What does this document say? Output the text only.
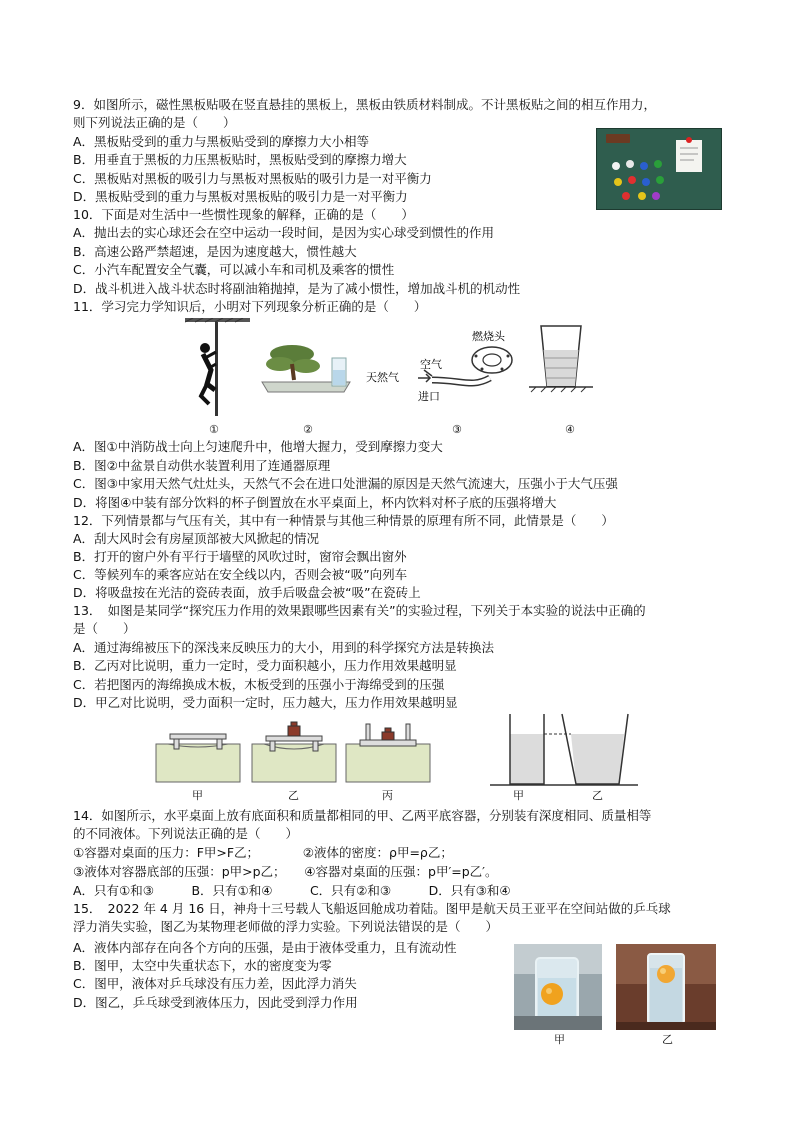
9．如图所示，磁性黑板贴吸在竖直悬挂的黑板上，黑板由铁质材料制成。不计黑板贴之间的相互作用力，
则下列说法正确的是（　　）
A．黑板贴受到的重力与黑板贴受到的摩擦力大小相等
B．用垂直于黑板的力压黑板贴时，黑板贴受到的摩擦力增大
C．黑板贴对黑板的吸引力与黑板对黑板贴的吸引力是一对平衡力
D．黑板贴受到的重力与黑板对黑板贴的吸引力是一对平衡力
10．下面是对生活中一些惯性现象的解释，正确的是（　　）
A．抛出去的实心球还会在空中运动一段时间，是因为实心球受到惯性的作用
B．高速公路严禁超速，是因为速度越大，惯性越大
C．小汽车配置安全气囊，可以减小车和司机及乘客的惯性
D．战斗机进入战斗状态时将副油箱抛掉，是为了减小惯性，增加战斗机的机动性
11．学习完力学知识后，小明对下列现象分析正确的是（　　）
燃烧头
空气
天然气
进口
①	②	③	④
A．图①中消防战士向上匀速爬升中，他增大握力，受到摩擦力变大
B．图②中盆景自动供水装置利用了连通器原理
C．图③中家用天然气灶灶头，天然气不会在进口处泄漏的原因是天然气流速大，压强小于大气压强
D．将图④中装有部分饮料的杯子倒置放在水平桌面上，杯内饮料对杯子底的压强将增大
12．下列情景都与气压有关，其中有一种情景与其他三种情景的原理有所不同，此情景是（　　）
A．刮大风时会有房屋顶部被大风掀起的情况
B．打开的窗户外有平行于墙壁的风吹过时，窗帘会飘出窗外
C．等候列车的乘客应站在安全线以内，否则会被“吸”向列车
D．将吸盘按在光洁的瓷砖表面，放手后吸盘会被“吸”在瓷砖上
13．　如图是某同学“探究压力作用的效果跟哪些因素有关”的实验过程，下列关于本实验的说法中正确的
是（　　）
A．通过海绵被压下的深浅来反映压力的大小，用到的科学探究方法是转换法
B．乙丙对比说明，重力一定时，受力面积越小，压力作用效果越明显
C．若把图丙的海绵换成木板，木板受到的压强小于海绵受到的压强
D．甲乙对比说明，受力面积一定时，压力越大，压力作用效果越明显
甲	乙	丙	甲	乙
14．如图所示，水平桌面上放有底面积和质量都相同的甲、乙两平底容器，分别装有深度相同、质量相等
的不同液体。下列说法正确的是（　　）
①容器对桌面的压力：F甲>F乙；　　　　②液体的密度：ρ甲=ρ乙；
③液体对容器底部的压强：p甲>p乙；　　④容器对桌面的压强：p甲′=p乙′。
A．只有①和③　　　B．只有①和④　　　C．只有②和③　　　D．只有③和④
15．　2022 年 4 月 16 日，神舟十三号载人飞船返回舱成功着陆。图甲是航天员王亚平在空间站做的乒乓球
浮力消失实验，图乙为某物理老师做的浮力实验。下列说法错误的是（　　）
A．液体内部存在向各个方向的压强，是由于液体受重力，且有流动性
B．图甲，太空中失重状态下，水的密度变为零
C．图甲，液体对乒乓球没有压力差，因此浮力消失
D．图乙，乒乓球受到液体压力，因此受到浮力作用
甲	乙
